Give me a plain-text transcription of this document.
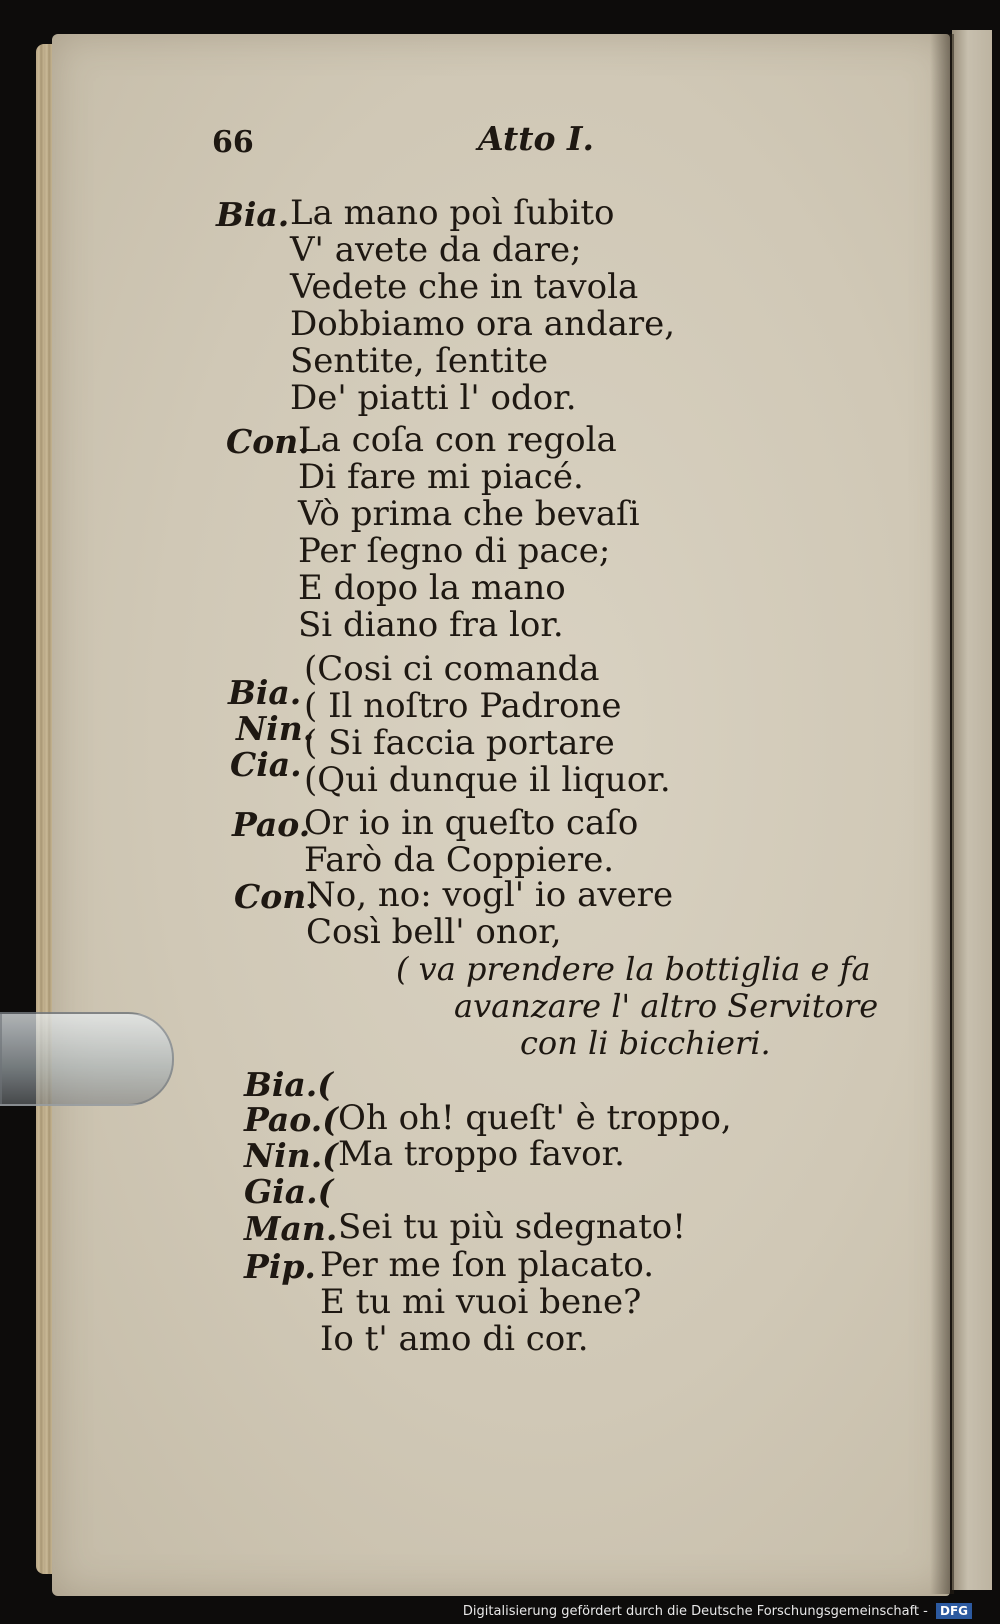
66	Atto I.
Bia. La mano poì ſubito
V' avete da dare;
Vedete che in tavola
Dobbiamo ora andare,
Sentite, ſentite
De' piatti l' odor.
Con.
La coſa con regola
Di fare mi piacé.
Vò prima che bevaſi
Per ſegno di pace;
E dopo la mano
Si diano fra lor.
Bia.
Nin.
Cia.
(Cosi ci comanda
( Il noſtro Padrone
( Si faccia portare
(Qui dunque il liquor.
Pao.
Or io in queſto caſo
Farò da Coppiere.
Con.
No, no: vogl' io avere
Così bell' onor,
( va prendere la bottiglia e fa
avanzare l' altro Servitore
con li bicchieri.
Bia.(
Pao.( Oh oh! queſt' è troppo,
Nin.( Ma troppo favor.
Gia.(
Man. Sei tu più sdegnato!
Pip. Per me ſon placato.
E tu mi vuoi bene?
Io t' amo di cor.
Digitalisierung gefördert durch die Deutsche Forschungsgemeinschaft - DFG
